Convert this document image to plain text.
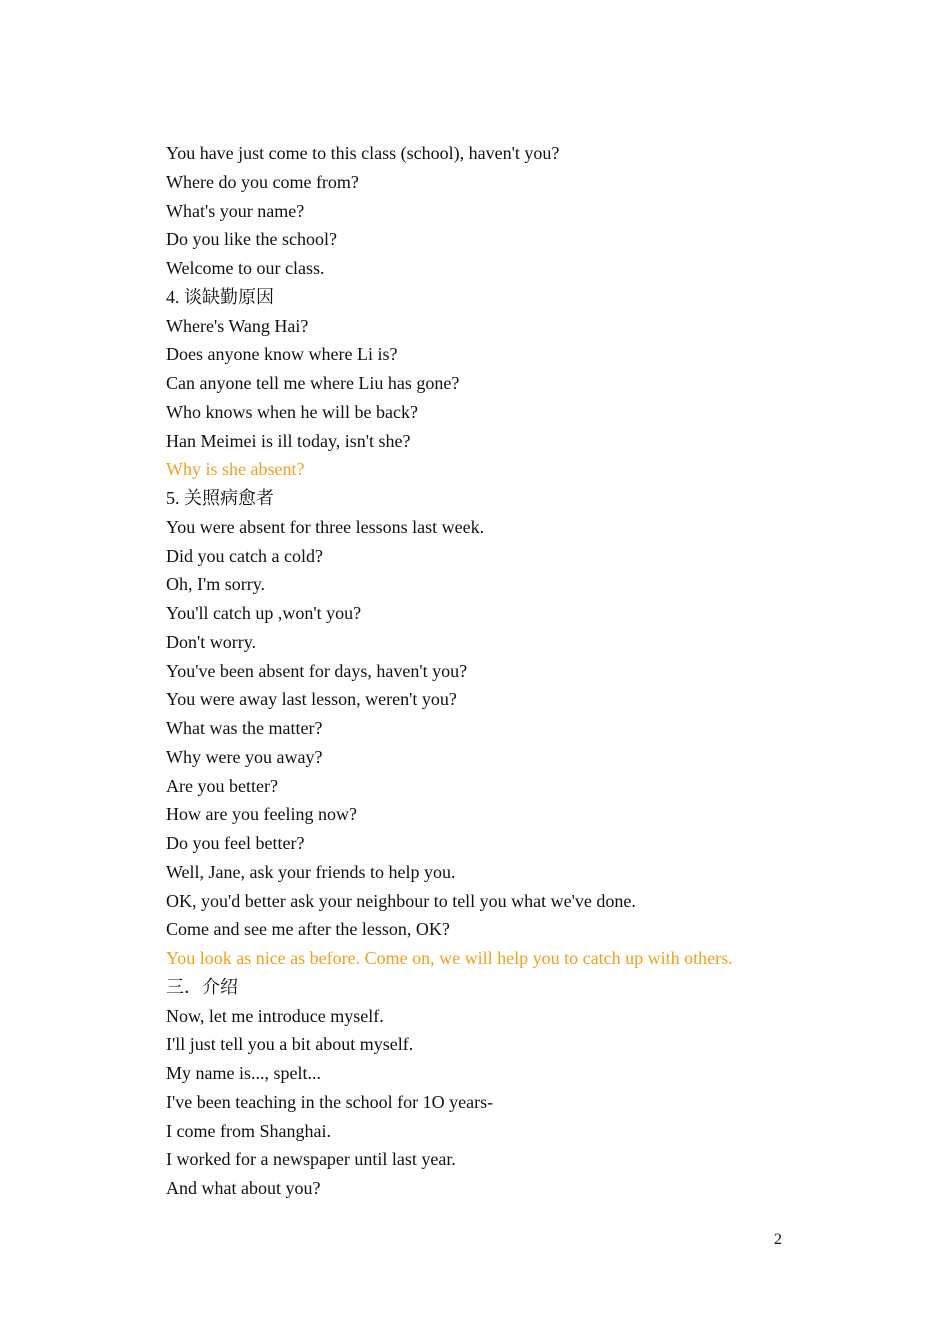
You have just come to this class (school), haven't you?
Where do you come from?
What's your name?
Do you like the school?
Welcome to our class.
4. 谈缺勤原因
Where's Wang Hai?
Does anyone know where Li is?
Can anyone tell me where Liu has gone?
Who knows when he will be back?
Han Meimei is ill today, isn't she?
Why is she absent?
5. 关照病愈者
You were absent for three lessons last week.
Did you catch a cold?
Oh, I'm sorry.
You'll catch up ,won't you?
Don't worry.
You've been absent for days, haven't you?
You were away last lesson, weren't you?
What was the matter?
Why were you away?
Are you better?
How are you feeling now?
Do you feel better?
Well, Jane, ask your friends to help you.
OK, you'd better ask your neighbour to tell you what we've done.
Come and see me after the lesson, OK?
You look as nice as before. Come on, we will help you to catch up with others.
三．介绍
Now, let me introduce myself.
I'll just tell you a bit about myself.
My name is..., spelt...
I've been teaching in the school for 1O years-
I come from Shanghai.
I worked for a newspaper until last year.
And what about you?
2
